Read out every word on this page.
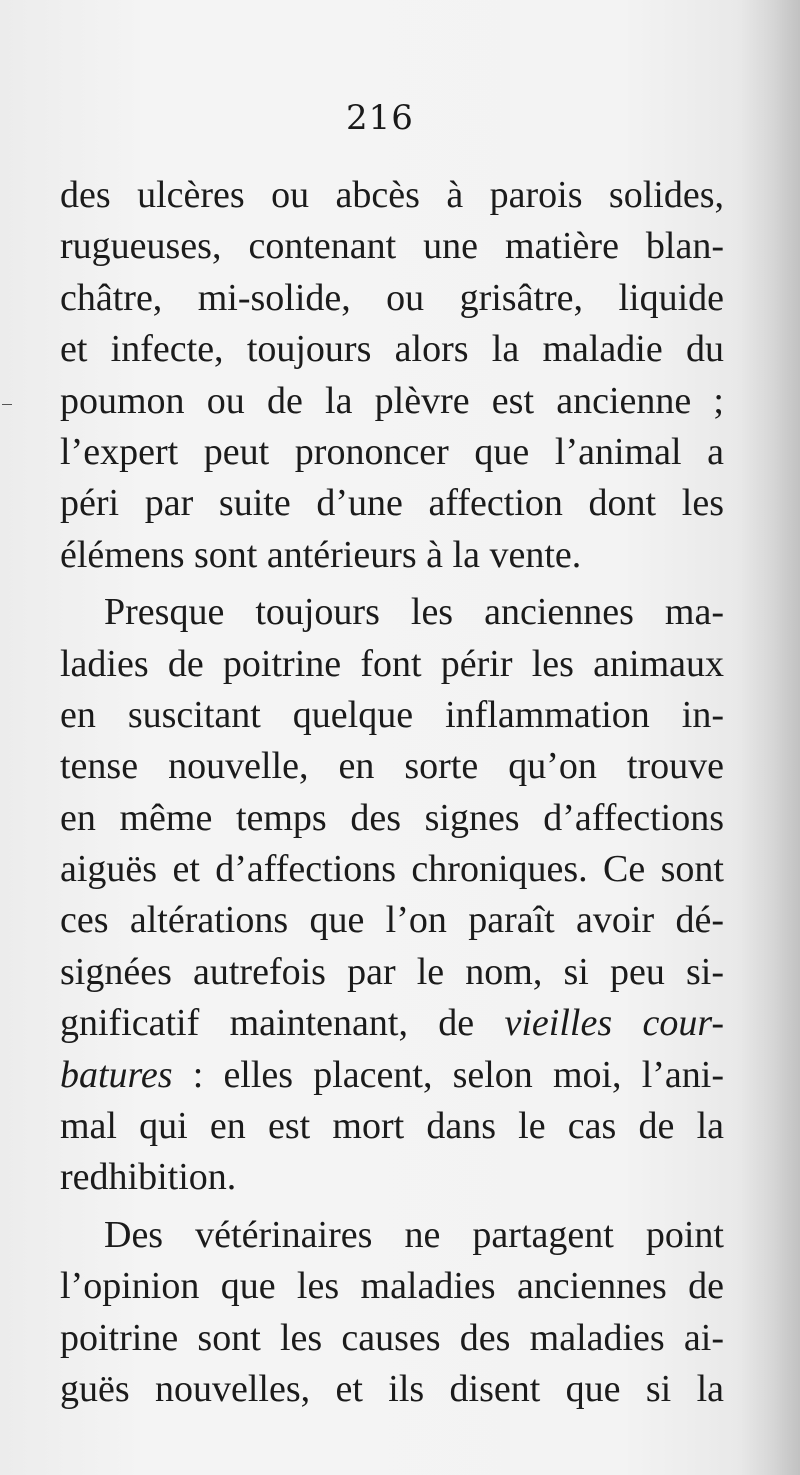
216
des ulcères ou abcès à parois solides,
rugueuses, contenant une matière blan-
châtre, mi-solide, ou grisâtre, liquide
et infecte, toujours alors la maladie du
poumon ou de la plèvre est ancienne ;
l’expert peut prononcer que l’animal a
péri par suite d’une affection dont les
élémens sont antérieurs à la vente.
Presque toujours les anciennes ma-
ladies de poitrine font périr les animaux
en suscitant quelque inflammation in-
tense nouvelle, en sorte qu’on trouve
en même temps des signes d’affections
aiguës et d’affections chroniques. Ce sont
ces altérations que l’on paraît avoir dé-
signées autrefois par le nom, si peu si-
gnificatif maintenant, de vieilles cour-
batures : elles placent, selon moi, l’ani-
mal qui en est mort dans le cas de la
redhibition.
Des vétérinaires ne partagent point
l’opinion que les maladies anciennes de
poitrine sont les causes des maladies ai-
guës nouvelles, et ils disent que si la
